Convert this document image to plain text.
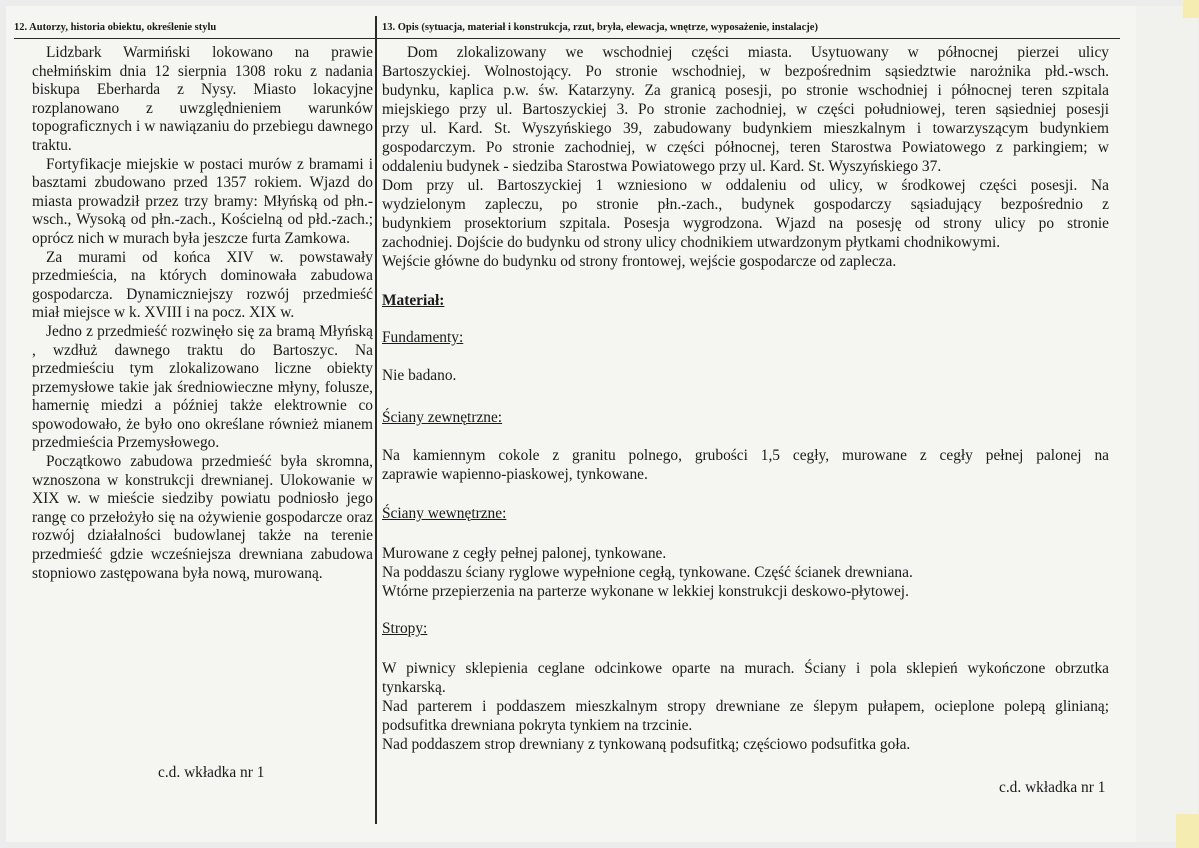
12. Autorzy, historia obiektu, określenie stylu	13. Opis (sytuacja, materiał i konstrukcja, rzut, bryła, elewacja, wnętrze, wyposażenie, instalacje)

Lidzbark Warmiński lokowano na prawie chełmińskim dnia 12 sierpnia 1308 roku z nadania biskupa Eberharda z Nysy. Miasto lokacyjne rozplanowano z uwzględnieniem warunków topograficznych i w nawiązaniu do przebiegu dawnego traktu.

Fortyfikacje miejskie w postaci murów z bramami i basztami zbudowano przed 1357 rokiem. Wjazd do miasta prowadził przez trzy bramy: Młyńską od płn.-wsch., Wysoką od płn.-zach., Kościelną od płd.-zach.; oprócz nich w murach była jeszcze furta Zamkowa.

Za murami od końca XIV w. powstawały przedmieścia, na których dominowała zabudowa gospodarcza. Dynamiczniejszy rozwój przedmieść miał miejsce w k. XVIII i na pocz. XIX w.

Jedno z przedmieść rozwinęło się za bramą Młyńską , wzdłuż dawnego traktu do Bartoszyc. Na przedmieściu tym zlokalizowano liczne obiekty przemysłowe takie jak średniowieczne młyny, folusze, hamernię miedzi a później także elektrownie co spowodowało, że było ono określane również mianem przedmieścia Przemysłowego.

Początkowo zabudowa przedmieść była skromna, wznoszona w konstrukcji drewnianej. Ulokowanie w XIX w. w mieście siedziby powiatu podniosło jego rangę co przełożyło się na ożywienie gospodarcze oraz rozwój działalności budowlanej także na terenie przedmieść gdzie wcześniejsza drewniana zabudowa stopniowo zastępowana była nową, murowaną.

c.d. wkładka nr 1
Dom zlokalizowany we wschodniej części miasta. Usytuowany w północnej pierzei ulicy
Bartoszyckiej. Wolnostojący. Po stronie wschodniej, w bezpośrednim sąsiedztwie narożnika płd.-wsch.
budynku, kaplica p.w. św. Katarzyny. Za granicą posesji, po stronie wschodniej i północnej teren szpitala
miejskiego przy ul. Bartoszyckiej 3. Po stronie zachodniej, w części południowej, teren sąsiedniej posesji
przy ul. Kard. St. Wyszyńskiego 39, zabudowany budynkiem mieszkalnym i towarzyszącym budynkiem
gospodarczym. Po stronie zachodniej, w części północnej, teren Starostwa Powiatowego z parkingiem; w
oddaleniu budynek - siedziba Starostwa Powiatowego przy ul. Kard. St. Wyszyńskiego 37.
Dom przy ul. Bartoszyckiej 1 wzniesiono w oddaleniu od ulicy, w środkowej części posesji. Na
wydzielonym zapleczu, po stronie płn.-zach., budynek gospodarczy sąsiadujący bezpośrednio z
budynkiem prosektorium szpitala. Posesja wygrodzona. Wjazd na posesję od strony ulicy po stronie
zachodniej. Dojście do budynku od strony ulicy chodnikiem utwardzonym płytkami chodnikowymi.
Wejście główne do budynku od strony frontowej, wejście gospodarcze od zaplecza.
Materiał:
Fundamenty:
Nie badano.
Ściany zewnętrzne:
Na kamiennym cokole z granitu polnego, grubości 1,5 cegły, murowane z cegły pełnej palonej na
zaprawie wapienno-piaskowej, tynkowane.
Ściany wewnętrzne:
Murowane z cegły pełnej palonej, tynkowane.
Na poddaszu ściany ryglowe wypełnione cegłą, tynkowane. Część ścianek drewniana.
Wtórne przepierzenia na parterze wykonane w lekkiej konstrukcji deskowo-płytowej.
Stropy:
W piwnicy sklepienia ceglane odcinkowe oparte na murach. Ściany i pola sklepień wykończone obrzutka
tynkarską.
Nad parterem i poddaszem mieszkalnym stropy drewniane ze ślepym pułapem, ocieplone polepą glinianą;
podsufitka drewniana pokryta tynkiem na trzcinie.
Nad poddaszem strop drewniany z tynkowaną podsufitką; częściowo podsufitka goła.
c.d. wkładka nr 1
